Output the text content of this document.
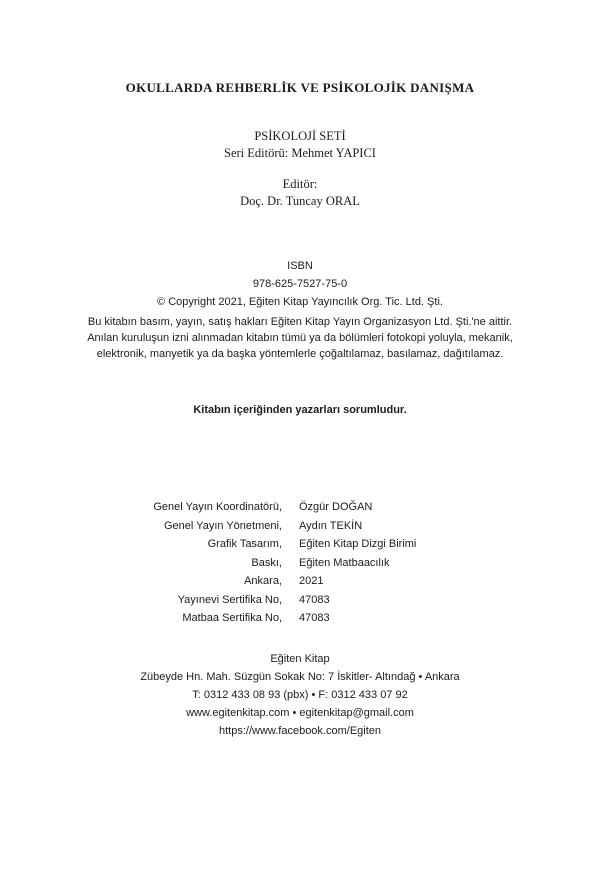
OKULLARDA REHBERLİK VE PSİKOLOJİK DANIŞMA
PSİKOLOJİ SETİ
Seri Editörü: Mehmet YAPICI
Editör:
Doç. Dr. Tuncay ORAL
ISBN
978-625-7527-75-0
© Copyright 2021, Eğiten Kitap Yayıncılık Org. Tic. Ltd. Şti.
Bu kitabın basım, yayın, satış hakları Eğiten Kitap Yayın Organizasyon Ltd. Şti.'ne aittir.
Anılan kuruluşun izni alınmadan kitabın tümü ya da bölümleri fotokopi yoluyla, mekanik,
elektronik, manyetik ya da başka yöntemlerle çoğaltılamaz, basılamaz, dağıtılamaz.
Kitabın içeriğinden yazarları sorumludur.
Genel Yayın Koordinatörü, Özgür DOĞAN
Genel Yayın Yönetmeni, Aydın TEKİN
Grafik Tasarım, Eğiten Kitap Dizgi Birimi
Baskı, Eğiten Matbaacılık
Ankara, 2021
Yayınevi Sertifika No, 47083
Matbaa Sertifika No, 47083
Eğiten Kitap
Zübeyde Hn. Mah. Süzgün Sokak No: 7 İskitler- Altındağ • Ankara
T: 0312 433 08 93 (pbx) • F: 0312 433 07 92
www.egitenkitap.com • egitenkitap@gmail.com
https://www.facebook.com/Egiten
